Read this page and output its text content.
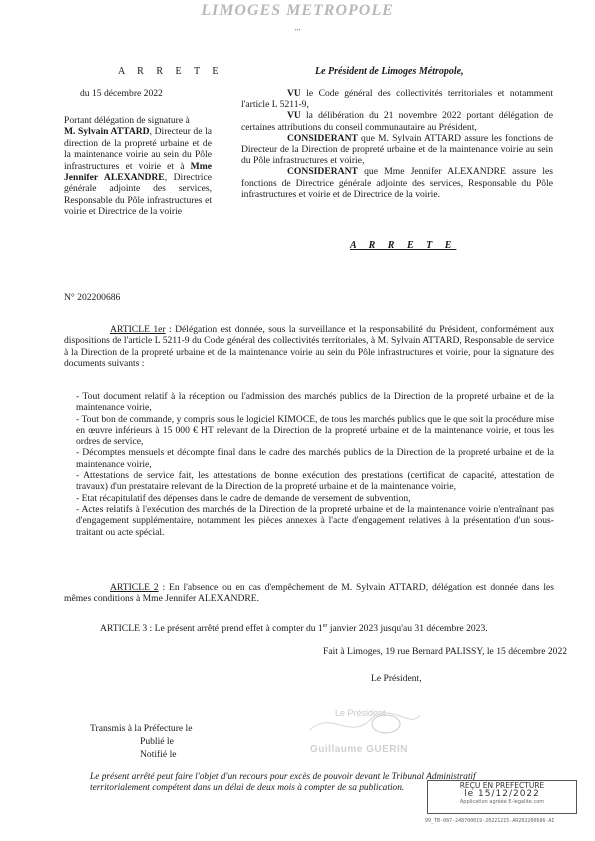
LIMOGES METROPOLE
•••
A R R E T E	Le Président de Limoges Métropole,
du 15 décembre 2022
Portant délégation de signature à
M. Sylvain ATTARD, Directeur de la direction de la propreté urbaine et de la maintenance voirie au sein du Pôle infrastructures et voirie et à Mme Jennifer ALEXANDRE, Directrice générale adjointe des services, Responsable du Pôle infrastructures et voirie et Directrice de la voirie

VU le Code général des collectivités territoriales et notamment l'article L 5211-9,

VU la délibération du 21 novembre 2022 portant délégation de certaines attributions du conseil communautaire au Président,

CONSIDERANT que M. Sylvain ATTARD assure les fonctions de Directeur de la Direction de propreté urbaine et de la maintenance voirie au sein du Pôle infrastructures et voirie,

CONSIDERANT que Mme Jennifer ALEXANDRE assure les fonctions de Directrice générale adjointe des services, Responsable du Pôle infrastructures et voirie et de Directrice de la voirie.

A R R E T E
N° 202200686

ARTICLE 1er : Délégation est donnée, sous la surveillance et la responsabilité du Président, conformément aux dispositions de l'article L 5211-9 du Code général des collectivités territoriales, à M. Sylvain ATTARD, Responsable de service à la Direction de la propreté urbaine et de la maintenance voirie au sein du Pôle infrastructures et voirie, pour la signature des documents suivants :

- Tout document relatif à la réception ou l'admission des marchés publics de la Direction de la propreté urbaine et de la maintenance voirie,

- Tout bon de commande, y compris sous le logiciel KIMOCE, de tous les marchés publics que le que soit la procédure mise en œuvre inférieurs à 15 000 € HT relevant de la Direction de la propreté urbaine et de la maintenance voirie, et tous les ordres de service,

- Décomptes mensuels et décompte final dans le cadre des marchés publics de la Direction de la propreté urbaine et de la maintenance voirie,

- Attestations de service fait, les attestations de bonne exécution des prestations (certificat de capacité, attestation de travaux) d'un prestataire relevant de la Direction de la propreté urbaine et de la maintenance voirie,

- Etat récapitulatif des dépenses dans le cadre de demande de versement de subvention,

- Actes relatifs à l'exécution des marchés de la Direction de la propreté urbaine et de la maintenance voirie n'entraînant pas d'engagement supplémentaire, notamment les pièces annexes à l'acte d'engagement relatives à la présentation d'un sous-traitant ou acte spécial.

ARTICLE 2 : En l'absence ou en cas d'empêchement de M. Sylvain ATTARD, délégation est donnée dans les mêmes conditions à Mme Jennifer ALEXANDRE.

ARTICLE 3 : Le présent arrêté prend effet à compter du 1er janvier 2023 jusqu'au 31 décembre 2023.
Fait à Limoges, 19 rue Bernard PALISSY, le 15 décembre 2022
Le Président,
Le Président
Guillaume GUERIN
Transmis à la Préfecture le
Publié le
Notifié le
Le présent arrêté peut faire l'objet d'un recours pour excès de pouvoir devant le Tribunal Administratif territorialement compétent dans un délai de deux mois à compter de sa publication.	REÇU EN PREFECTURE
le 15/12/2022
Application agréée E-legalite.com
99_TB-087-248700019-20221215-AR202200686-AI
